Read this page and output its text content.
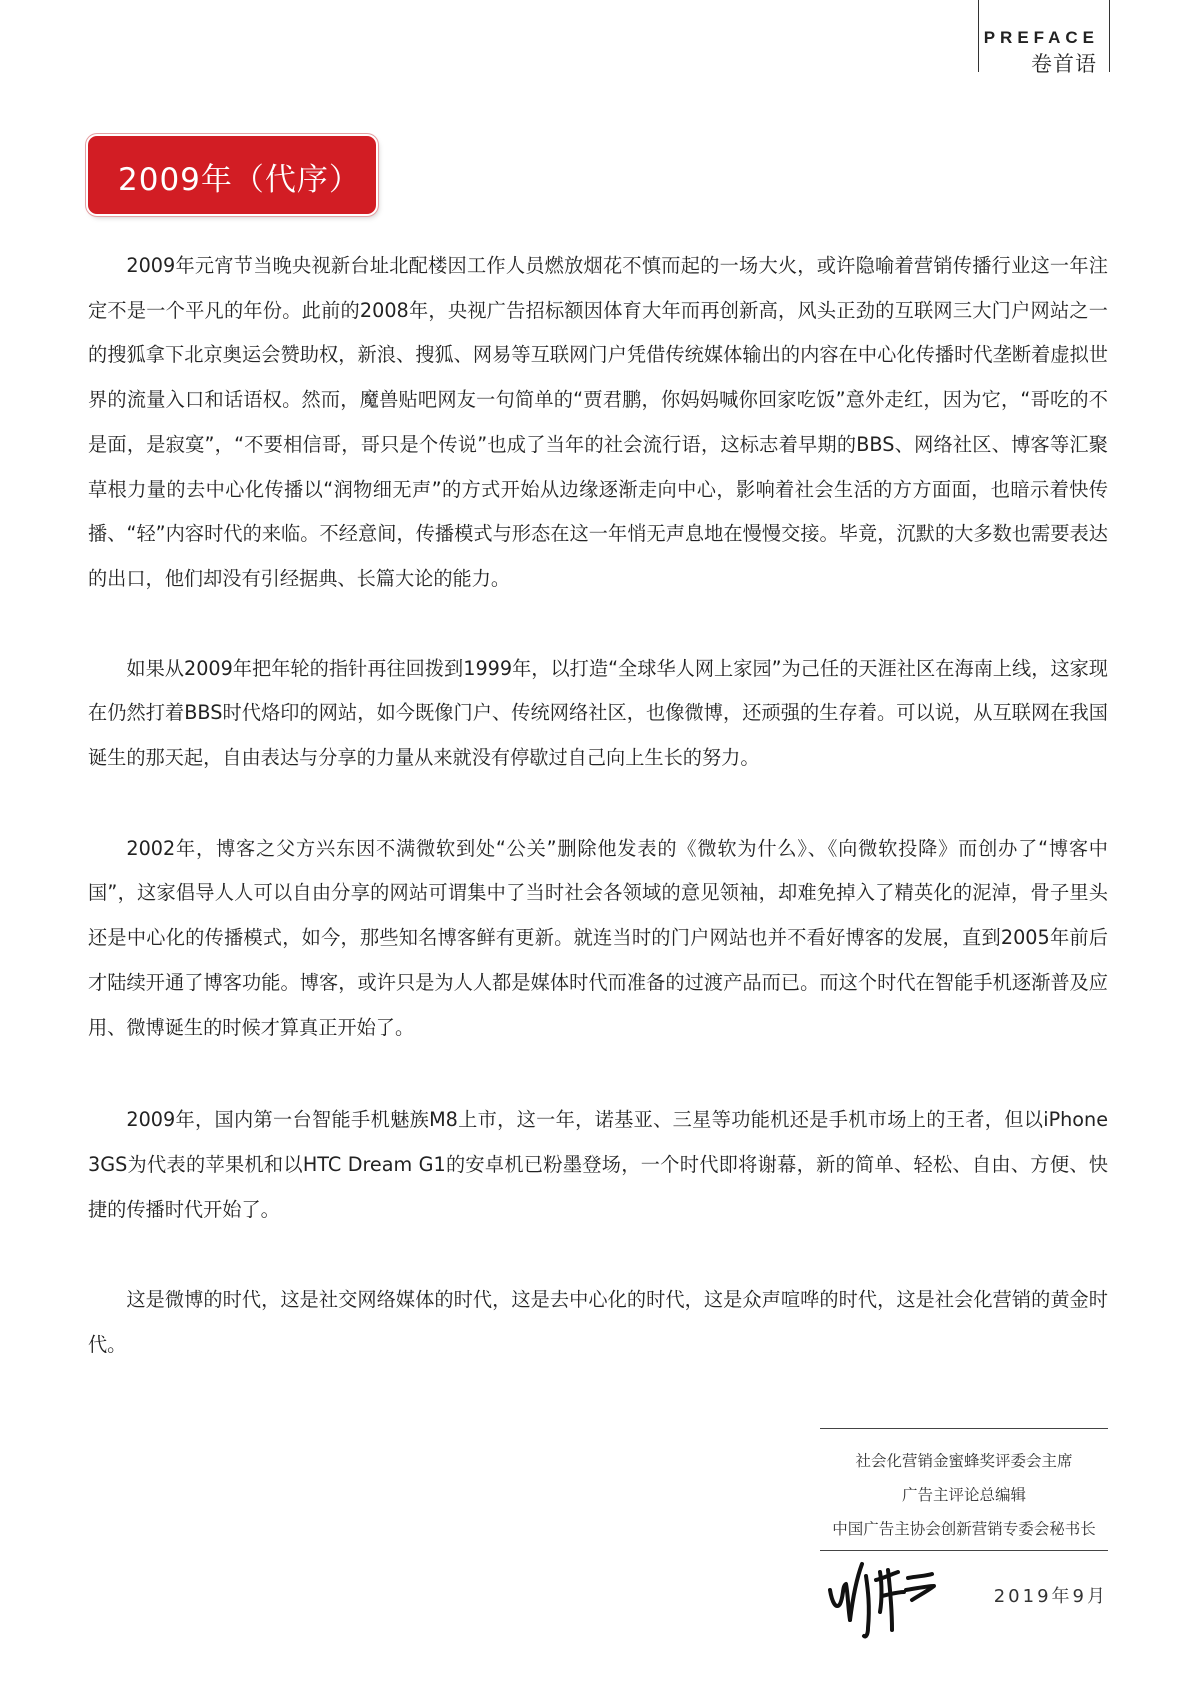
PREFACE
卷首语
2009年（代序）

2009年元宵节当晚央视新台址北配楼因工作人员燃放烟花不慎而起的一场大火，或许隐喻着营销传播行业这一年注定不是一个平凡的年份。此前的2008年，央视广告招标额因体育大年而再创新高，风头正劲的互联网三大门户网站之一的搜狐拿下北京奥运会赞助权，新浪、搜狐、网易等互联网门户凭借传统媒体输出的内容在中心化传播时代垄断着虚拟世界的流量入口和话语权。然而，魔兽贴吧网友一句简单的“贾君鹏，你妈妈喊你回家吃饭”意外走红，因为它，“哥吃的不是面，是寂寞”，“不要相信哥，哥只是个传说”也成了当年的社会流行语，这标志着早期的BBS、网络社区、博客等汇聚草根力量的去中心化传播以“润物细无声”的方式开始从边缘逐渐走向中心，影响着社会生活的方方面面，也暗示着快传播、“轻”内容时代的来临。不经意间，传播模式与形态在这一年悄无声息地在慢慢交接。毕竟，沉默的大多数也需要表达的出口，他们却没有引经据典、长篇大论的能力。

如果从2009年把年轮的指针再往回拨到1999年，以打造“全球华人网上家园”为己任的天涯社区在海南上线，这家现在仍然打着BBS时代烙印的网站，如今既像门户、传统网络社区，也像微博，还顽强的生存着。可以说，从互联网在我国诞生的那天起，自由表达与分享的力量从来就没有停歇过自己向上生长的努力。

2002年，博客之父方兴东因不满微软到处“公关”删除他发表的《微软为什么》、《向微软投降》而创办了“博客中国”，这家倡导人人可以自由分享的网站可谓集中了当时社会各领域的意见领袖，却难免掉入了精英化的泥淖，骨子里头还是中心化的传播模式，如今，那些知名博客鲜有更新。就连当时的门户网站也并不看好博客的发展，直到2005年前后才陆续开通了博客功能。博客，或许只是为人人都是媒体时代而准备的过渡产品而已。而这个时代在智能手机逐渐普及应用、微博诞生的时候才算真正开始了。

2009年，国内第一台智能手机魅族M8上市，这一年，诺基亚、三星等功能机还是手机市场上的王者，但以iPhone 3GS为代表的苹果机和以HTC Dream G1的安卓机已粉墨登场，一个时代即将谢幕，新的简单、轻松、自由、方便、快捷的传播时代开始了。

这是微博的时代，这是社交网络媒体的时代，这是去中心化的时代，这是众声喧哗的时代，这是社会化营销的黄金时代。

社会化营销金蜜蜂奖评委会主席
广告主评论总编辑
中国广告主协会创新营销专委会秘书长
2019年9月
